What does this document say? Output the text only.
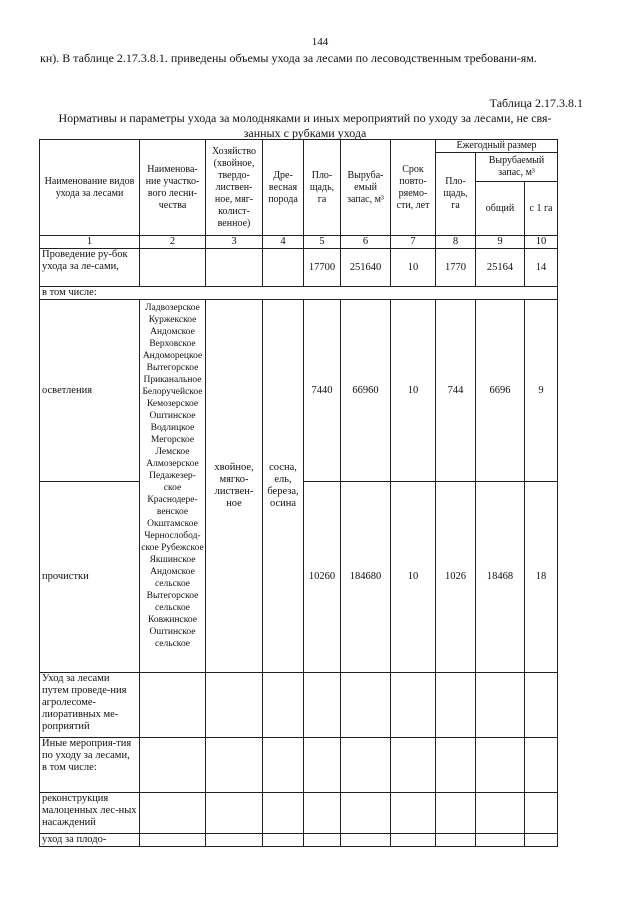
144
кн). В таблице 2.17.3.8.1. приведены объемы ухода за лесами по лесоводственным требовани-ям.
Таблица 2.17.3.8.1
Нормативы и параметры ухода за молодняками и иных мероприятий по уходу за лесами, не свя-занных с рубками ухода
Наименование видов ухода за лесами	Наименова-ние участко-вого лесни-чества	Хозяйство (хвойное, твердо-листвен-ное, мяг-колист-венное)	Дре-весная порода	Пло-щадь, га	Выруба-емый запас, м³	Срок повто-ряемо-сти, лет	Ежегодный размер		
							Пло-щадь, га	Вырубаемый запас, м³	
								общий	с 1 га
1	2	3	4	5	6	7	8	9	10
Проведение ру-бок ухода за ле-сами,				17700	251640	10	1770	25164	14
в том числе:									
осветления	Ладвозерское Куржекское Андомское Верховское Андоморецкое Вытегорское Приканальное Белоручейское Кемозерское Оштинское Водлицкое Мегорское Лемское Алмозерское Педажезер-ское Краснодере-венское Окштамское Чернослобод-ское Рубежское Якшинское Андомское сельское Вытегорское сельское Ковжинское Оштинское сельское	хвойное, мягко-листвен-ное	сосна, ель, береза, осина	7440	66960	10	744	6696	9
прочистки				10260	184680	10	1026	18468	18
Уход за лесами путем проведе-ния агролесоме-лиоративных ме-роприятий									
Иные мероприя-тия по уходу за лесами, в том числе:									
реконструкция малоценных лес-ных насаждений									
уход за плодо-									
